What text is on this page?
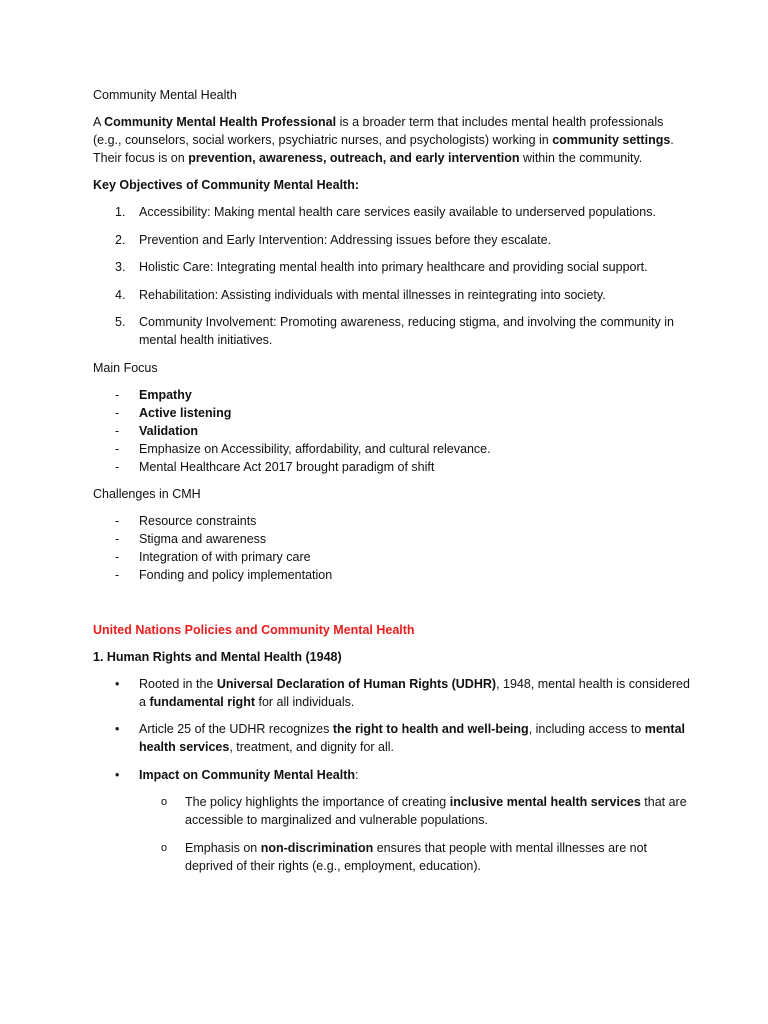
Community Mental Health

A Community Mental Health Professional is a broader term that includes mental health professionals (e.g., counselors, social workers, psychiatric nurses, and psychologists) working in community settings. Their focus is on prevention, awareness, outreach, and early intervention within the community.

Key Objectives of Community Mental Health:

1. Accessibility: Making mental health care services easily available to underserved populations.
2. Prevention and Early Intervention: Addressing issues before they escalate.
3. Holistic Care: Integrating mental health into primary healthcare and providing social support.
4. Rehabilitation: Assisting individuals with mental illnesses in reintegrating into society.
5. Community Involvement: Promoting awareness, reducing stigma, and involving the community in mental health initiatives.

Main Focus

- Empathy
- Active listening
- Validation
- Emphasize on Accessibility, affordability, and cultural relevance.
- Mental Healthcare Act 2017 brought paradigm of shift

Challenges in CMH

- Resource constraints
- Stigma and awareness
- Integration of with primary care
- Fonding and policy implementation

United Nations Policies and Community Mental Health

1. Human Rights and Mental Health (1948)

• Rooted in the Universal Declaration of Human Rights (UDHR), 1948, mental health is considered a fundamental right for all individuals.
• Article 25 of the UDHR recognizes the right to health and well-being, including access to mental health services, treatment, and dignity for all.
• Impact on Community Mental Health:
o The policy highlights the importance of creating inclusive mental health services that are accessible to marginalized and vulnerable populations.
o Emphasis on non-discrimination ensures that people with mental illnesses are not deprived of their rights (e.g., employment, education).
